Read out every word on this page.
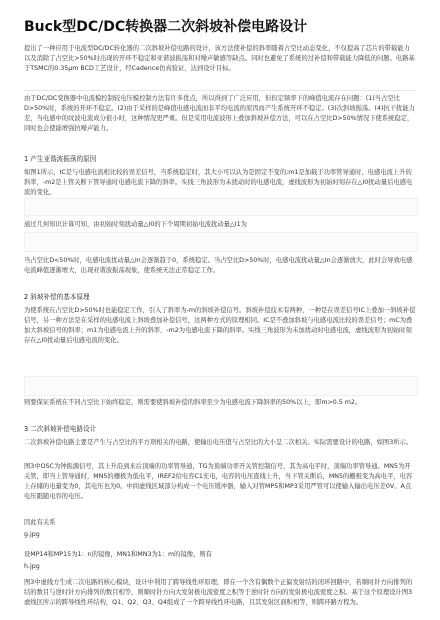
Buck型DC/DC转换器二次斜坡补偿电路设计

提出了一种应用于电流型DC/DC转化器的二次斜坡补偿电路的设计，该方法使补偿的斜率随着占空比动态变化，不仅提高了芯片的带载能力以及消除了占空比>50%时出现的开环不稳定和亚谐波振荡和对噪声敏感等缺点。同时也避免了系统的过补偿和带载能力降低的问题。电路基于TSMC的0.35μm BCD工艺设计，经Cadence仿真验证，达到设计目标。

由于DC/DC变换器中电流模控制较电压模控制方法有许多优点，所以得到了广泛应用，但但定频率下的峰值电流存在问题：(1)当占空比D>50%时，系统的开环不稳定。(2)由于采样的是峰值电感电流而非平均电流的原因而产生系统开环不稳定。(3)次斜坡振荡。(4)抗干扰能力差，当电感中的纹波电流成分很小时，这种情况更严重。但是采用电流波形上叠加斜坡补偿方法，可以在占空比D>50%情况下使系统稳定，同时也会使能增强抗噪声能力。

1 产生亚谐波振荡的原因

如图1所示，IC是与电感电流相比较的误差信号，当系统稳定时，其大小可以认为是固定不变的;m1是加载于功率管导通时，电感电流上升的斜率，-m2是上管关断下管导通时电感电流下降的斜率。实线三角波形为未扰动时的电感电流，虚线波形为初始时刻存在△I0扰动量后电感电流的变化。

通过几何知识计算可知，由初始时刻扰动量△I0的下个周期初始电流扰动量△I1为

当占空比D<50%时，电感电流扰动量△In会逐渐趋于0，系统稳定。当占空比D>50%时，电感电流扰动量△In会逐渐放大，此时会导致电感电流峰值逐渐增大，出现亚谐波振荡现象，使系统无法正常稳定工作。

2 斜坡补偿的基本原理

为使系统在占空比D>50%时也能稳定工作，引入了斜率为-m的斜坡补偿信号。斜坡补偿技术有两种，一种是在误差信号IC上叠加一斜坡补偿信号，另一种方法是在采样的电感电流上斜坡叠加补偿信号，这两种方式的原理相同。IC是不叠加斜坡与电感电流比较的误差信号；mC为叠加大斜坡信号的斜率；m1为电感电流上升的斜率，-m2为电感电流下降的斜率。实线三角波形为未加扰动时电感电流，虚线波形为初始时刻存在△I0扰动量后电感电流的变化。

则要保证系统在不同占空比下始终稳定，则需要使斜坡补偿的斜率至少为电感电流下降斜率的50%以上，即m>0.5 m2。

3 二次斜坡补偿电路设计

二次斜坡补偿电路主要是产生与占空比的平方项相关的电路，使输出电压值与占空比的大小呈二次相关。实际需要设计的电路，如图3所示。

图3中OSC为钟振源信号，其上升沿到来后顶端的功率管导通，TG为顶端功率开关管控制信号，其为高电平时，顶端功率管导通。MN5为开关管，即当上管导通时，MN5的栅极为低电平，IREF2给电容C1充电，电容的电压直线上升，当下管关断后，MN5的栅极变为高电平，电容上存储的电量变为0，其电压也为0。中间虚线区域部分构成一个电压缓冲器，输入对管MP5和MP3采用严管可以使输入输出电压差0V。A点电压跟随电容的电压。

因此有关系

g.jpg

设MP14和MP15为1：n的镜像，MN1和MN3为1：m的镜像，则有

h.jpg

图3中虚线方生成二次电路的核心模块，设计中利用了跨导线性环原理，即在一个含有偶数个正偏发射结的闭环回路中，若顺时针方向排列的结的数目与逆时针方向排列的数目相等，则顺时针方向大发射极电流密度之积等于逆时针方向的发射极电流密度之积。基于这个原理设计图3虚线区所示的跨导线性环结构，Q1、Q2、Q3、Q4组成了一个跨导线性环电路，且其发射区面积相等，则跨环路方程为。
